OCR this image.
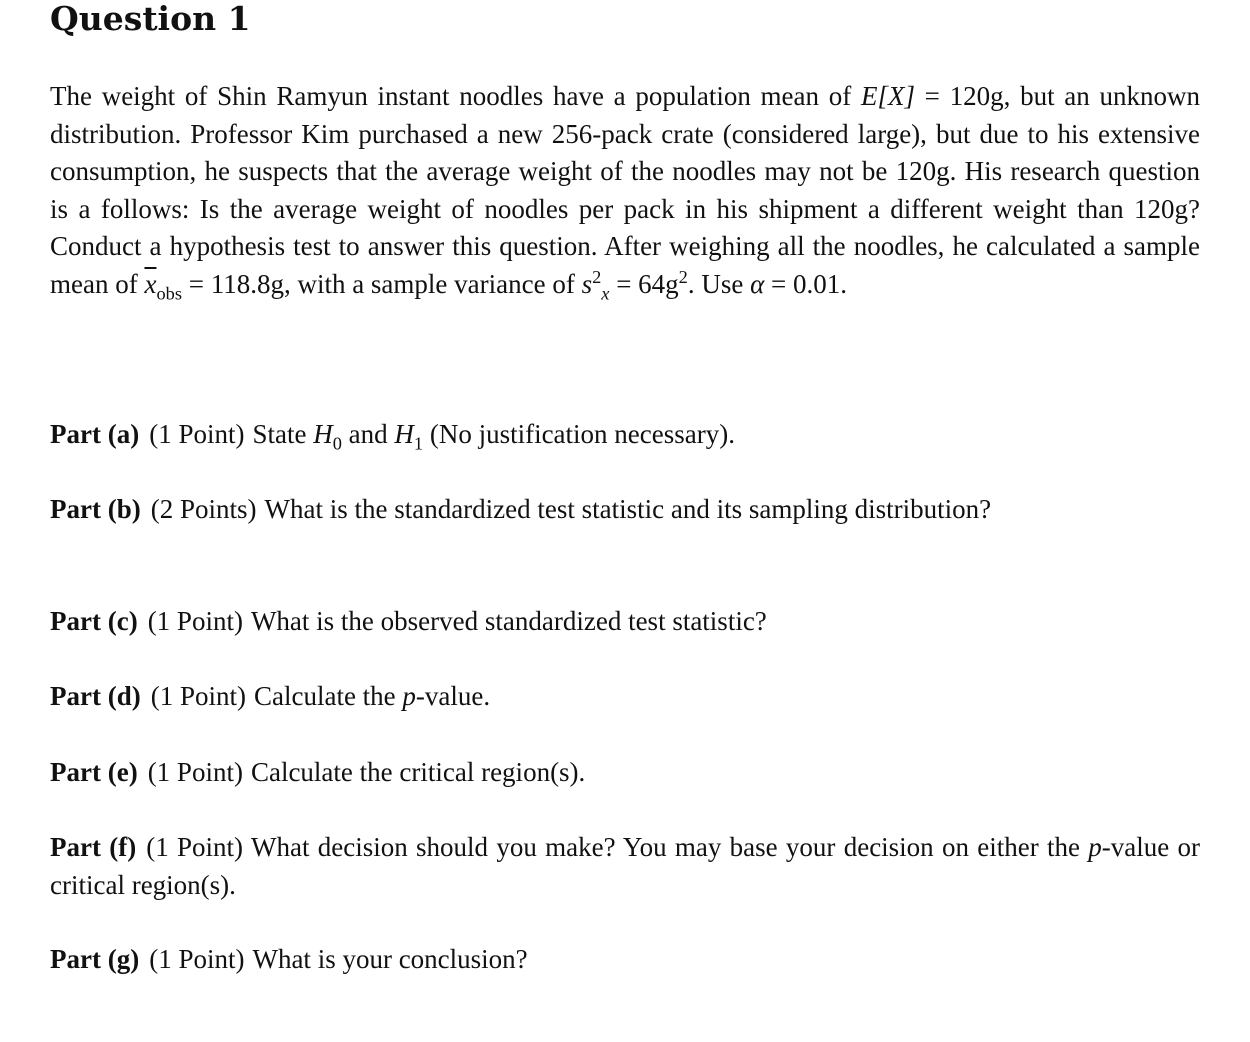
Question 1

The weight of Shin Ramyun instant noodles have a population mean of E[X] = 120g, but an unknown distribution. Professor Kim purchased a new 256-pack crate (considered large), but due to his extensive consumption, he suspects that the average weight of the noodles may not be 120g. His research question is a follows: Is the average weight of noodles per pack in his shipment a different weight than 120g? Conduct a hypothesis test to answer this question. After weighing all the noodles, he calculated a sample mean of $\overline{x}_{obs} = 118.8g$, with a sample variance of $s^2_x = 64g^2$. Use α = 0.01.

Part (a) (1 Point) State $H_0$ and $H_1$ (No justification necessary).

Part (b) (2 Points) What is the standardized test statistic and its sampling distribution?

Part (c) (1 Point) What is the observed standardized test statistic?

Part (d) (1 Point) Calculate the p-value.

Part (e) (1 Point) Calculate the critical region(s).

Part (f) (1 Point) What decision should you make? You may base your decision on either the p-value or critical region(s).

Part (g) (1 Point) What is your conclusion?
